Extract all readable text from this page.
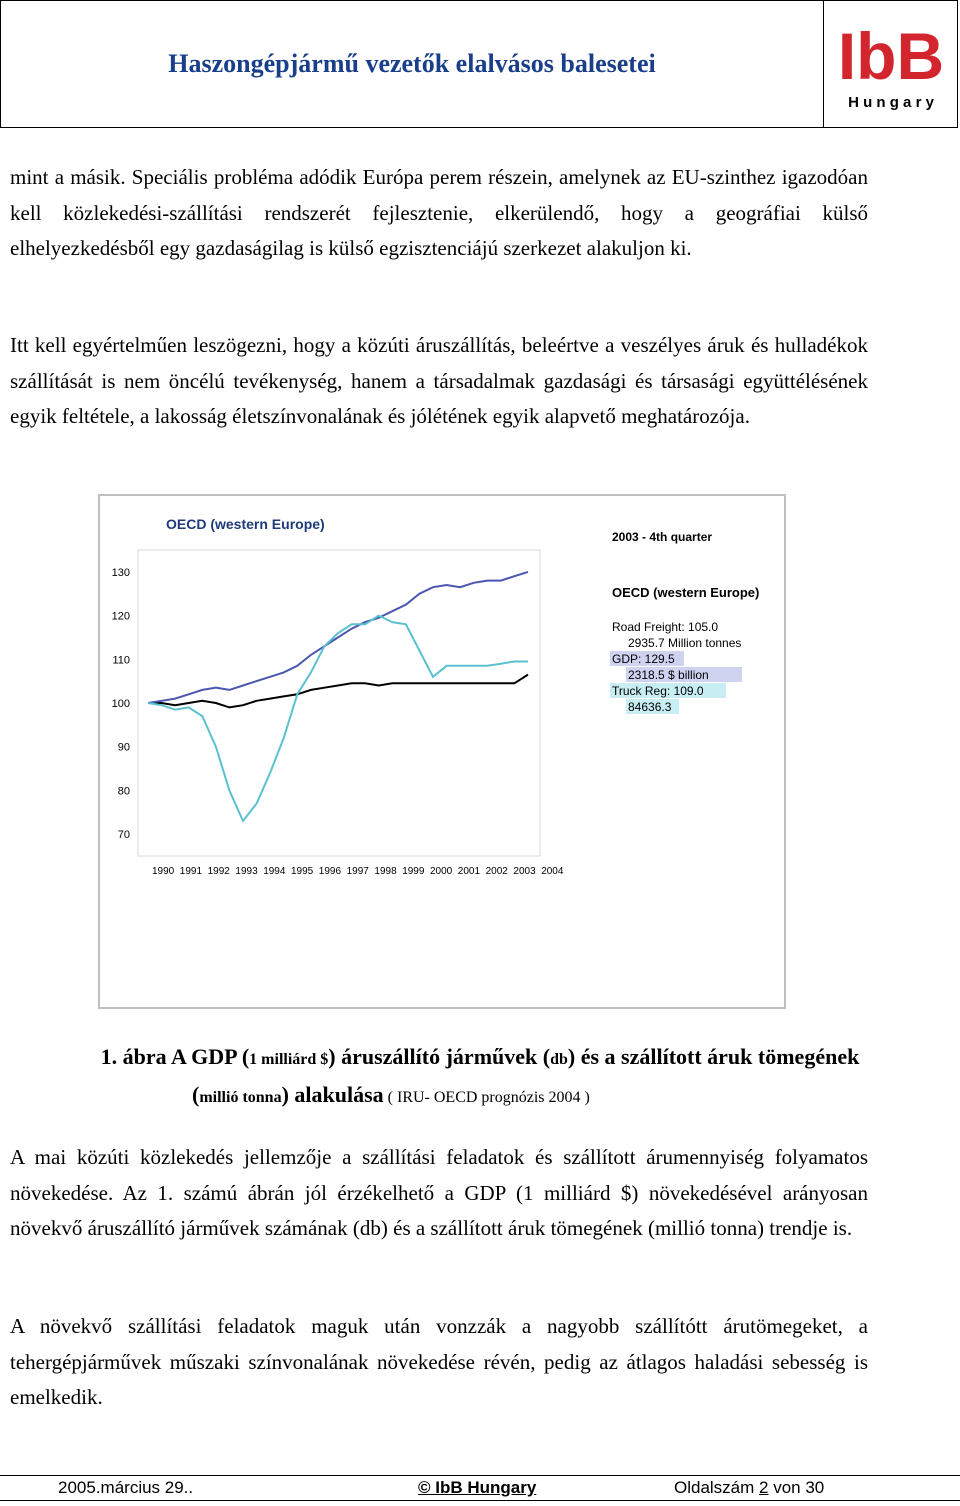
Haszongépjármű vezetők elalvásos balesetei	IbB
H u n g a r y

mint a másik. Speciális probléma adódik Európa perem részein, amelynek az EU-szinthez igazodóan kell közlekedési-szállítási rendszerét fejlesztenie, elkerülendő, hogy a geográfiai külső elhelyezkedésből egy gazdaságilag is külső egzisztenciájú szerkezet alakuljon ki.

Itt kell egyértelműen leszögezni, hogy a közúti áruszállítás, beleértve a veszélyes áruk és hulladékok szállítását is nem öncélú tevékenység, hanem a társadalmak gazdasági és társasági együttélésének egyik feltétele, a lakosság életszínvonalának és jólétének egyik alapvető meghatározója.

OECD (western Europe)
2003 - 4th quarter
OECD (western Europe)
130
120
110
100
90
80
70
1990 1991 1992 1993 1994 1995 1996 1997 1998 1999 2000 2001 2002 2003 2004
Road Freight: 105.0
2935.7 Million tonnes
GDP: 129.5
2318.5 $ billion
Truck Reg: 109.0
84636.3

1. ábra A GDP (1 milliárd $) áruszállító járművek (db) és a szállított áruk tömegének

(millió tonna) alakulása ( IRU- OECD prognózis 2004 )

A mai közúti közlekedés jellemzője a szállítási feladatok és szállított árumennyiség folyamatos növekedése. Az 1. számú ábrán jól érzékelhető a GDP (1 milliárd $) növekedésével arányosan növekvő áruszállító járművek számának (db) és a szállított áruk tömegének (millió tonna) trendje is.

A növekvő szállítási feladatok maguk után vonzzák a nagyobb szállítótt árutömegeket, a tehergépjárművek műszaki színvonalának növekedése révén, pedig az átlagos haladási sebesség is emelkedik.

2005.március 29..	© IbB Hungary	Oldalszám 2 von 30
